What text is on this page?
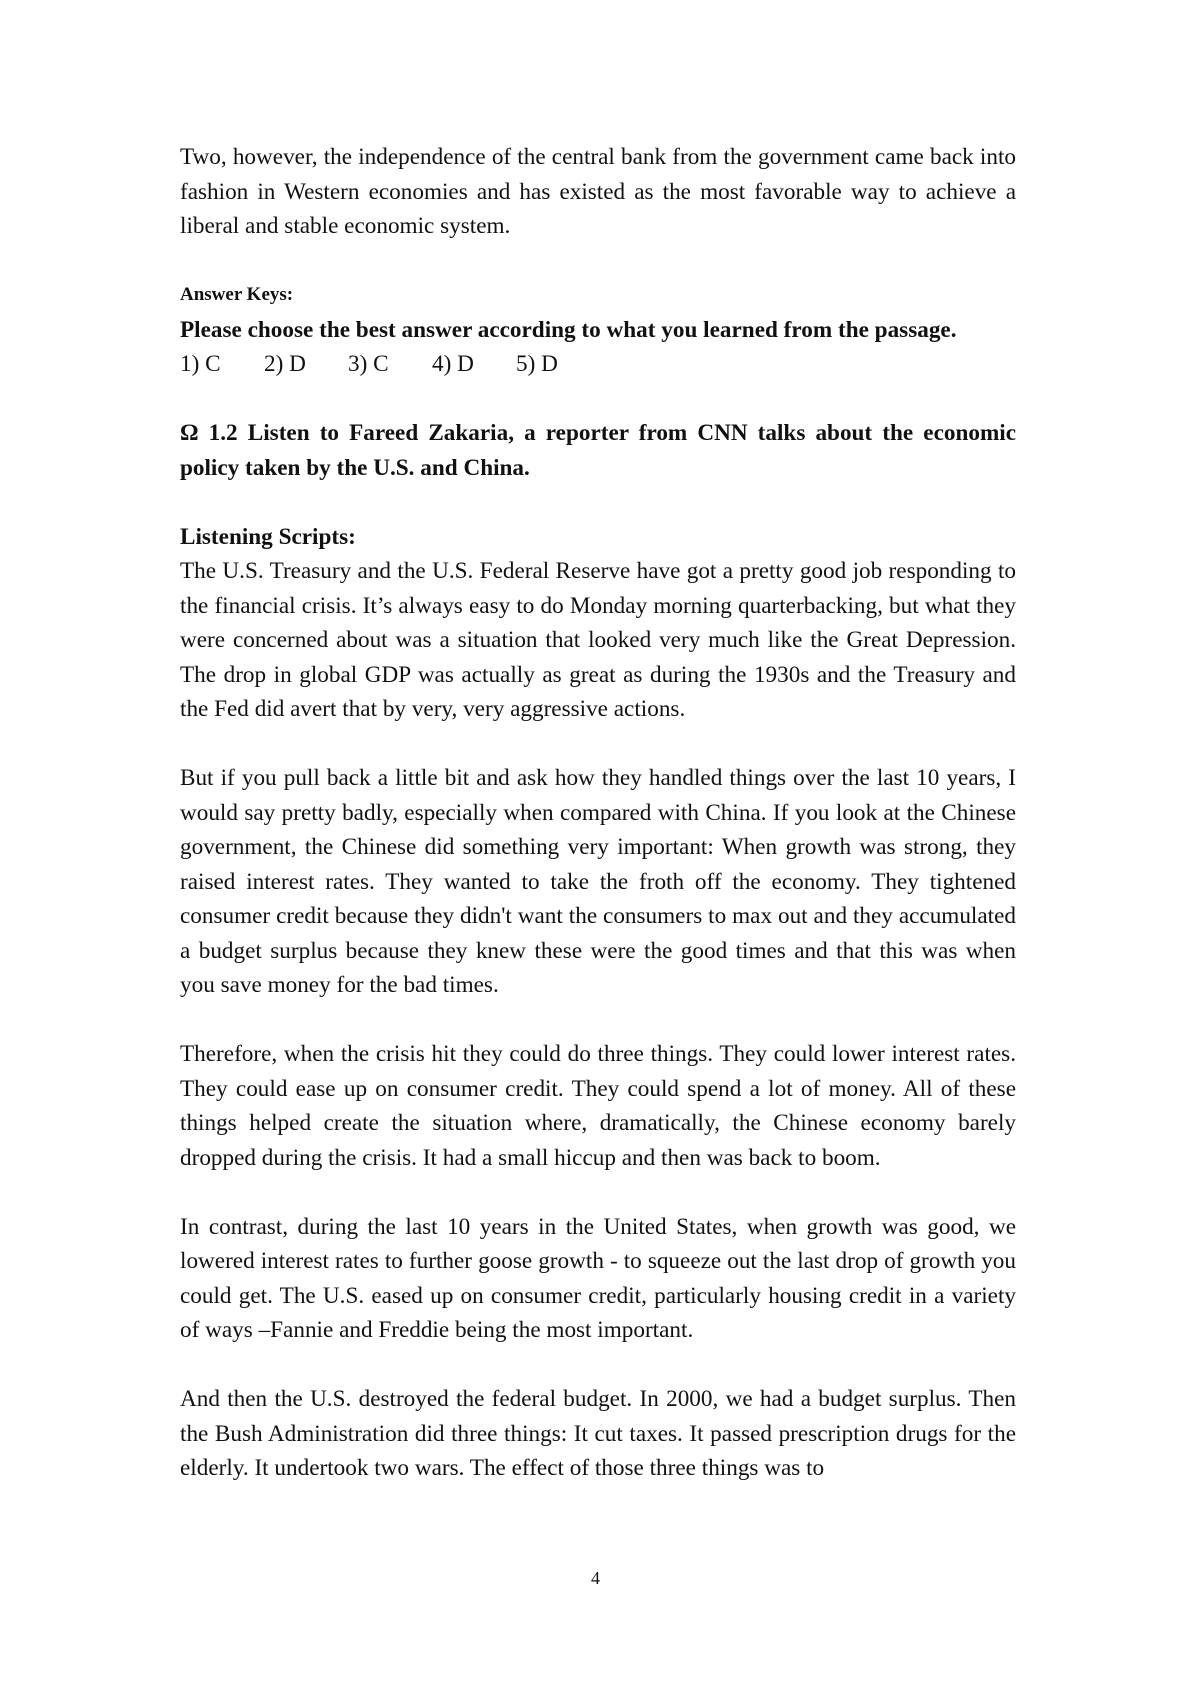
Two, however, the independence of the central bank from the government came back into fashion in Western economies and has existed as the most favorable way to achieve a liberal and stable economic system.

Answer Keys:

Please choose the best answer according to what you learned from the passage.

1) C	2) D	3) C	4) D	5) D

Ω 1.2 Listen to Fareed Zakaria, a reporter from CNN talks about the economic policy taken by the U.S. and China.

Listening Scripts:

The U.S. Treasury and the U.S. Federal Reserve have got a pretty good job responding to the financial crisis. It’s always easy to do Monday morning quarterbacking, but what they were concerned about was a situation that looked very much like the Great Depression. The drop in global GDP was actually as great as during the 1930s and the Treasury and the Fed did avert that by very, very aggressive actions.

But if you pull back a little bit and ask how they handled things over the last 10 years, I would say pretty badly, especially when compared with China. If you look at the Chinese government, the Chinese did something very important: When growth was strong, they raised interest rates. They wanted to take the froth off the economy. They tightened consumer credit because they didn't want the consumers to max out and they accumulated a budget surplus because they knew these were the good times and that this was when you save money for the bad times.

Therefore, when the crisis hit they could do three things. They could lower interest rates. They could ease up on consumer credit. They could spend a lot of money. All of these things helped create the situation where, dramatically, the Chinese economy barely dropped during the crisis. It had a small hiccup and then was back to boom.

In contrast, during the last 10 years in the United States, when growth was good, we lowered interest rates to further goose growth - to squeeze out the last drop of growth you could get. The U.S. eased up on consumer credit, particularly housing credit in a variety of ways –Fannie and Freddie being the most important.

And then the U.S. destroyed the federal budget. In 2000, we had a budget surplus. Then the Bush Administration did three things: It cut taxes. It passed prescription drugs for the elderly. It undertook two wars. The effect of those three things was to

4
